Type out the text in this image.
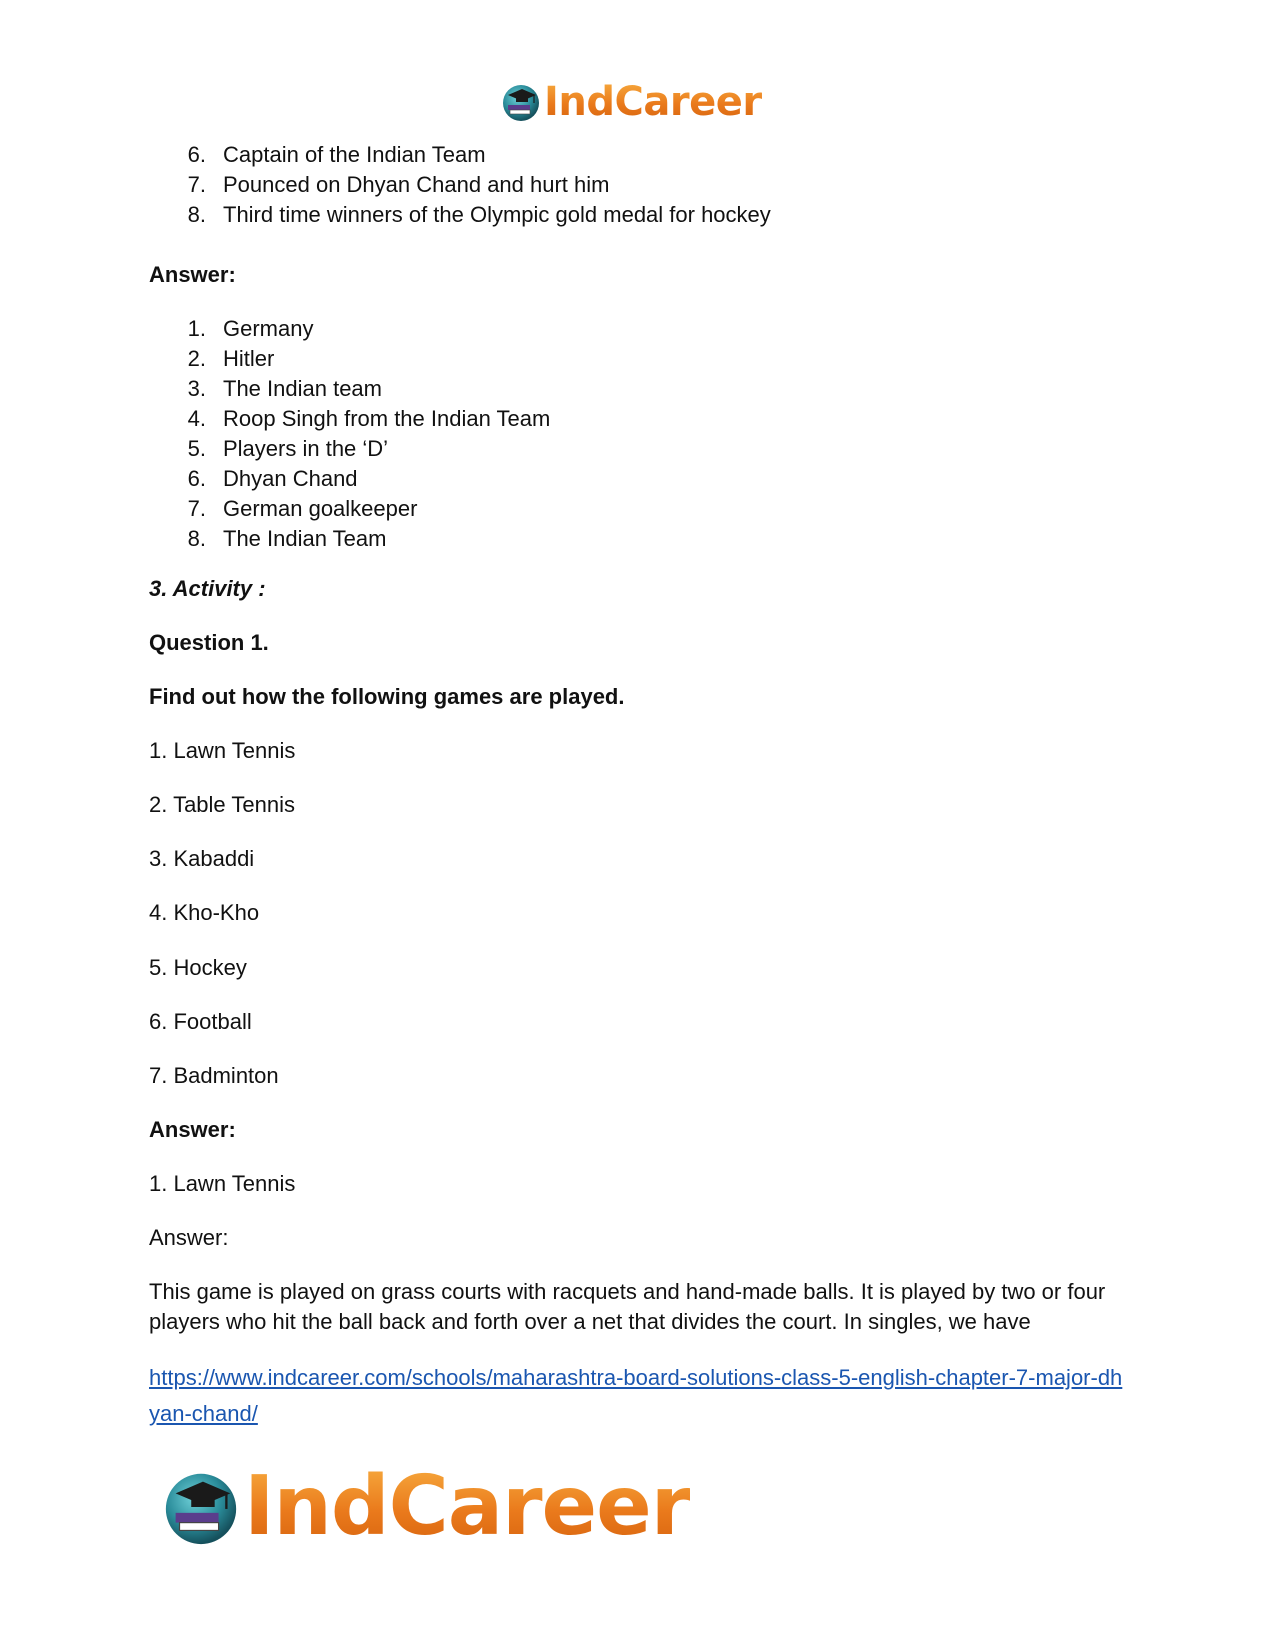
IndCareer
6. Captain of the Indian Team
7. Pounced on Dhyan Chand and hurt him
8. Third time winners of the Olympic gold medal for hockey

Answer:

1. Germany
2. Hitler
3. The Indian team
4. Roop Singh from the Indian Team
5. Players in the ‘D’
6. Dhyan Chand
7. German goalkeeper
8. The Indian Team

3. Activity :

Question 1.

Find out how the following games are played.

1. Lawn Tennis

2. Table Tennis

3. Kabaddi

4. Kho-Kho

5. Hockey

6. Football

7. Badminton

Answer:

1. Lawn Tennis

Answer:

This game is played on grass courts with racquets and hand-made balls. It is played by two or four players who hit the ball back and forth over a net that divides the court. In singles, we have

https://www.indcareer.com/schools/maharashtra-board-solutions-class-5-english-chapter-7-major-dhyan-chand/
IndCareer
